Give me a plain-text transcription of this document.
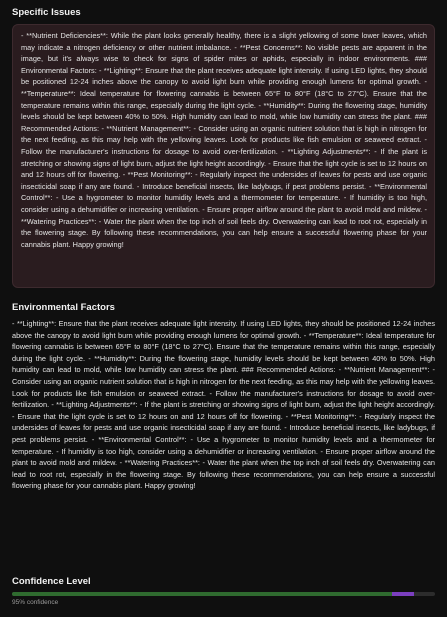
Specific Issues

- **Nutrient Deficiencies**: While the plant looks generally healthy, there is a slight yellowing of some lower leaves, which may indicate a nitrogen deficiency or other nutrient imbalance. - **Pest Concerns**: No visible pests are apparent in the image, but it's always wise to check for signs of spider mites or aphids, especially in indoor environments. ### Environmental Factors: - **Lighting**: Ensure that the plant receives adequate light intensity. If using LED lights, they should be positioned 12-24 inches above the canopy to avoid light burn while providing enough lumens for optimal growth. - **Temperature**: Ideal temperature for flowering cannabis is between 65°F to 80°F (18°C to 27°C). Ensure that the temperature remains within this range, especially during the light cycle. - **Humidity**: During the flowering stage, humidity levels should be kept between 40% to 50%. High humidity can lead to mold, while low humidity can stress the plant. ### Recommended Actions: - **Nutrient Management**: - Consider using an organic nutrient solution that is high in nitrogen for the next feeding, as this may help with the yellowing leaves. Look for products like fish emulsion or seaweed extract. - Follow the manufacturer's instructions for dosage to avoid over-fertilization. - **Lighting Adjustments**: - If the plant is stretching or showing signs of light burn, adjust the light height accordingly. - Ensure that the light cycle is set to 12 hours on and 12 hours off for flowering. - **Pest Monitoring**: - Regularly inspect the undersides of leaves for pests and use organic insecticidal soap if any are found. - Introduce beneficial insects, like ladybugs, if pest problems persist. - **Environmental Control**: - Use a hygrometer to monitor humidity levels and a thermometer for temperature. - If humidity is too high, consider using a dehumidifier or increasing ventilation. - Ensure proper airflow around the plant to avoid mold and mildew. - **Watering Practices**: - Water the plant when the top inch of soil feels dry. Overwatering can lead to root rot, especially in the flowering stage. By following these recommendations, you can help ensure a successful flowering phase for your cannabis plant. Happy growing!

Environmental Factors

- **Lighting**: Ensure that the plant receives adequate light intensity. If using LED lights, they should be positioned 12-24 inches above the canopy to avoid light burn while providing enough lumens for optimal growth. - **Temperature**: Ideal temperature for flowering cannabis is between 65°F to 80°F (18°C to 27°C). Ensure that the temperature remains within this range, especially during the light cycle. - **Humidity**: During the flowering stage, humidity levels should be kept between 40% to 50%. High humidity can lead to mold, while low humidity can stress the plant. ### Recommended Actions: - **Nutrient Management**: - Consider using an organic nutrient solution that is high in nitrogen for the next feeding, as this may help with the yellowing leaves. Look for products like fish emulsion or seaweed extract. - Follow the manufacturer's instructions for dosage to avoid over-fertilization. - **Lighting Adjustments**: - If the plant is stretching or showing signs of light burn, adjust the light height accordingly. - Ensure that the light cycle is set to 12 hours on and 12 hours off for flowering. - **Pest Monitoring**: - Regularly inspect the undersides of leaves for pests and use organic insecticidal soap if any are found. - Introduce beneficial insects, like ladybugs, if pest problems persist. - **Environmental Control**: - Use a hygrometer to monitor humidity levels and a thermometer for temperature. - If humidity is too high, consider using a dehumidifier or increasing ventilation. - Ensure proper airflow around the plant to avoid mold and mildew. - **Watering Practices**: - Water the plant when the top inch of soil feels dry. Overwatering can lead to root rot, especially in the flowering stage. By following these recommendations, you can help ensure a successful flowering phase for your cannabis plant. Happy growing!

Confidence Level
95% confidence
